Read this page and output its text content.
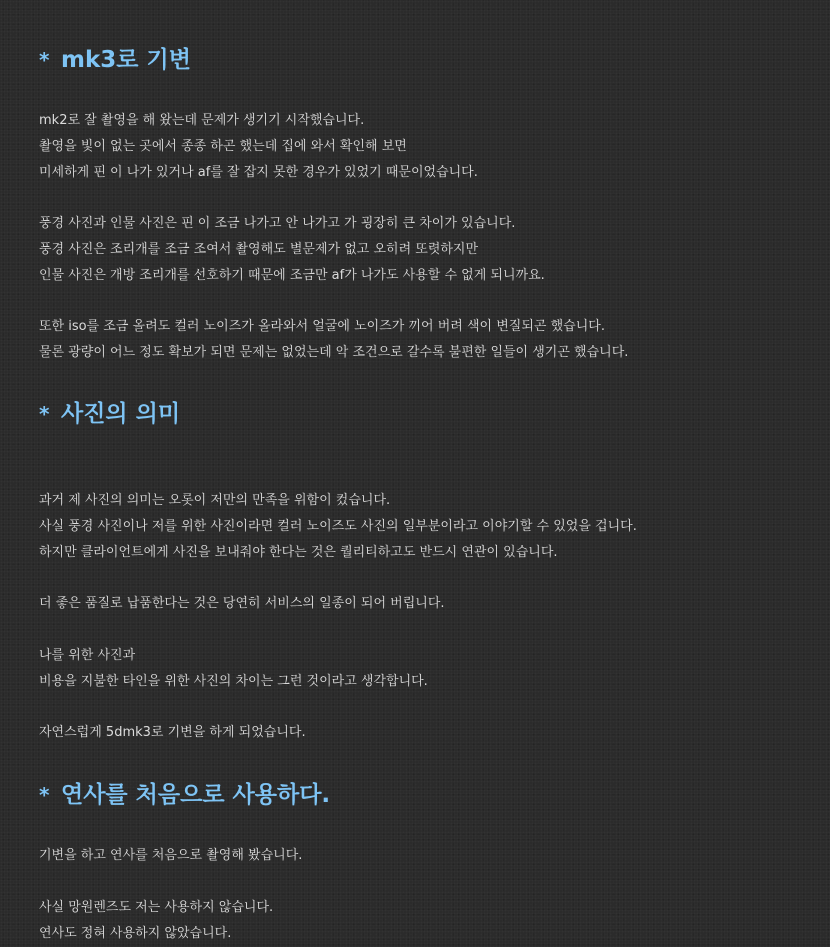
* mk3로 기변

mk2로 잘 촬영을 해 왔는데 문제가 생기기 시작했습니다.
촬영을 빛이 없는 곳에서 종종 하곤 했는데 집에 와서 확인해 보면
미세하게 핀 이 나가 있거나 af를 잘 잡지 못한 경우가 있었기 때문이었습니다.

풍경 사진과 인물 사진은 핀 이 조금 나가고 안 나가고 가 굉장히 큰 차이가 있습니다.
풍경 사진은 조리개를 조금 조여서 촬영해도 별문제가 없고 오히려 또렷하지만
인물 사진은 개방 조리개를 선호하기 때문에 조금만 af가 나가도 사용할 수 없게 되니까요.

또한 iso를 조금 올려도 컬러 노이즈가 올라와서 얼굴에 노이즈가 끼어 버려 색이 변질되곤 했습니다.
물론 광량이 어느 정도 확보가 되면 문제는 없었는데 악 조건으로 갈수록 불편한 일들이 생기곤 했습니다.

* 사진의 의미

과거 제 사진의 의미는 오롯이 저만의 만족을 위함이 컸습니다.
사실 풍경 사진이나 저를 위한 사진이라면 컬러 노이즈도 사진의 일부분이라고 이야기할 수 있었을 겁니다.
하지만 클라이언트에게 사진을 보내줘야 한다는 것은 퀄리티하고도 반드시 연관이 있습니다.

더 좋은 품질로 납품한다는 것은 당연히 서비스의 일종이 되어 버립니다.

나를 위한 사진과
비용을 지불한 타인을 위한 사진의 차이는 그런 것이라고 생각합니다.

자연스럽게 5dmk3로 기변을 하게 되었습니다.

* 연사를 처음으로 사용하다.

기변을 하고 연사를 처음으로 촬영해 봤습니다.

사실 망원렌즈도 저는 사용하지 않습니다.
연사도 정혀 사용하지 않았습니다.
